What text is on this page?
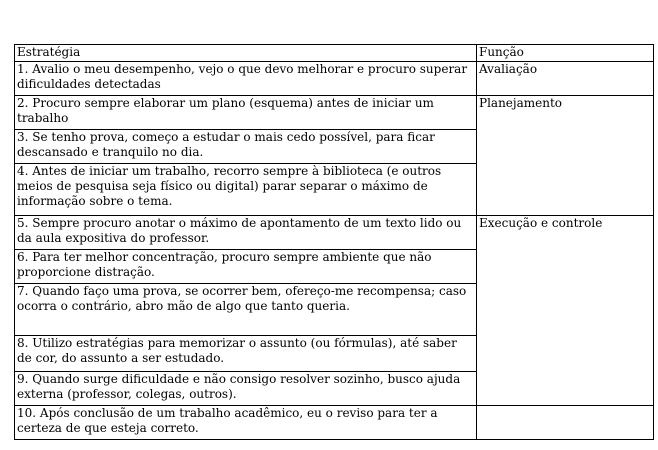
Estratégia	Função
1. Avalio o meu desempenho, vejo o que devo melhorar e procuro superar dificuldades detectadas	Avaliação
2. Procuro sempre elaborar um plano (esquema) antes de iniciar um trabalho	Planejamento
3. Se tenho prova, começo a estudar o mais cedo possível, para ficar descansado e tranquilo no dia.	
4. Antes de iniciar um trabalho, recorro sempre à biblioteca (e outros meios de pesquisa seja físico ou digital) parar separar o máximo de informação sobre o tema.	
5. Sempre procuro anotar o máximo de apontamento de um texto lido ou da aula expositiva do professor.	Execução e controle
6. Para ter melhor concentração, procuro sempre ambiente que não proporcione distração.	
7. Quando faço uma prova, se ocorrer bem, ofereço-me recompensa; caso ocorra o contrário, abro mão de algo que tanto queria.	
8. Utilizo estratégias para memorizar o assunto (ou fórmulas), até saber de cor, do assunto a ser estudado.	
9. Quando surge dificuldade e não consigo resolver sozinho, busco ajuda externa (professor, colegas, outros).	
10. Após conclusão de um trabalho acadêmico, eu o reviso para ter a certeza de que esteja correto.	
